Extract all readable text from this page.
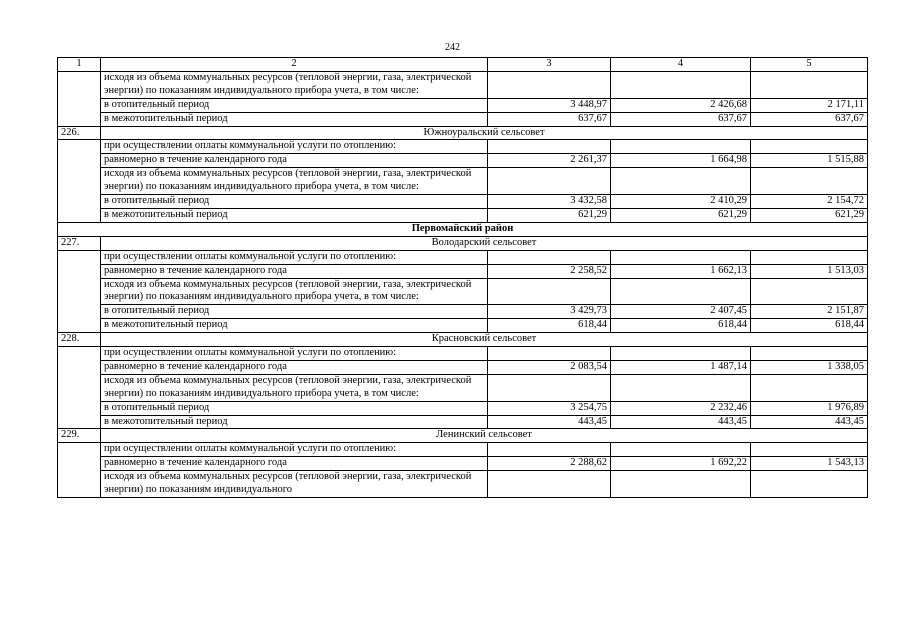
242
1	2	3	4	5
	исходя из объема коммунальных ресурсов (тепловой энергии, газа, электрической энергии) по показаниям индивидуального прибора учета, в том числе:			
	в отопительный период	3 448,97	2 426,68	2 171,11
	в межотопительный период	637,67	637,67	637,67
226.	Южноуральский сельсовет			
	при осуществлении оплаты коммунальной услуги по отоплению:			
	равномерно в течение календарного года	2 261,37	1 664,98	1 515,88
	исходя из объема коммунальных ресурсов (тепловой энергии, газа, электрической энергии) по показаниям индивидуального прибора учета, в том числе:			
	в отопительный период	3 432,58	2 410,29	2 154,72
	в межотопительный период	621,29	621,29	621,29
Первомайский район				
227.	Володарский сельсовет			
	при осуществлении оплаты коммунальной услуги по отоплению:			
	равномерно в течение календарного года	2 258,52	1 662,13	1 513,03
	исходя из объема коммунальных ресурсов (тепловой энергии, газа, электрической энергии) по показаниям индивидуального прибора учета, в том числе:			
	в отопительный период	3 429,73	2 407,45	2 151,87
	в межотопительный период	618,44	618,44	618,44
228.	Красновский сельсовет			
	при осуществлении оплаты коммунальной услуги по отоплению:			
	равномерно в течение календарного года	2 083,54	1 487,14	1 338,05
	исходя из объема коммунальных ресурсов (тепловой энергии, газа, электрической энергии) по показаниям индивидуального прибора учета, в том числе:			
	в отопительный период	3 254,75	2 232,46	1 976,89
	в межотопительный период	443,45	443,45	443,45
229.	Ленинский сельсовет			
	при осуществлении оплаты коммунальной услуги по отоплению:			
	равномерно в течение календарного года	2 288,62	1 692,22	1 543,13
	исходя из объема коммунальных ресурсов (тепловой энергии, газа, электрической энергии) по показаниям индивидуального			
